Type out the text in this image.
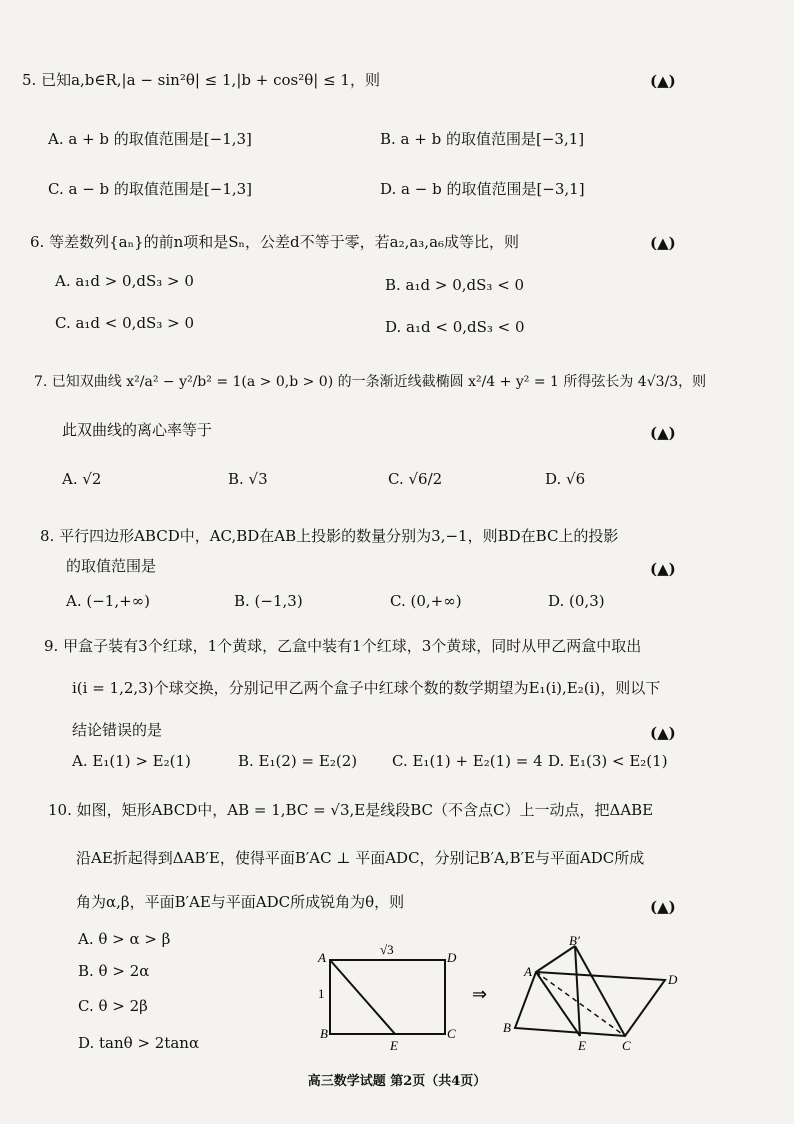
5. 已知a,b∈R,|a − sin²θ| ≤ 1,|b + cos²θ| ≤ 1，则	(▲)
A. a + b 的取值范围是[−1,3]	B. a + b 的取值范围是[−3,1]
C. a − b 的取值范围是[−1,3]	D. a − b 的取值范围是[−3,1]
6. 等差数列{aₙ}的前n项和是Sₙ，公差d不等于零，若a₂,a₃,a₆成等比，则	(▲)
A. a₁d > 0,dS₃ > 0	B. a₁d > 0,dS₃ < 0
C. a₁d < 0,dS₃ > 0	D. a₁d < 0,dS₃ < 0
7. 已知双曲线 x²/a² − y²/b² = 1(a > 0,b > 0) 的一条渐近线截椭圆 x²/4 + y² = 1 所得弦长为 4√3/3，则
此双曲线的离心率等于	(▲)
A. √2	B. √3	C. √6/2	D. √6
8. 平行四边形ABCD中，AC,BD在AB上投影的数量分别为3,−1，则BD在BC上的投影
的取值范围是	(▲)
A. (−1,+∞)	B. (−1,3)	C. (0,+∞)	D. (0,3)
9. 甲盒子装有3个红球，1个黄球，乙盒中装有1个红球，3个黄球，同时从甲乙两盒中取出
i(i = 1,2,3)个球交换，分别记甲乙两个盒子中红球个数的数学期望为E₁(i),E₂(i)，则以下
结论错误的是	(▲)
A. E₁(1) > E₂(1)	B. E₁(2) = E₂(2) C. E₁(1) + E₂(1) = 4 D. E₁(3) < E₂(1)
10. 如图，矩形ABCD中，AB = 1,BC = √3,E是线段BC（不含点C）上一动点，把ΔABE
沿AE折起得到ΔAB′E，使得平面B′AC ⊥ 平面ADC，分别记B′A,B′E与平面ADC所成
角为α,β，平面B′AE与平面ADC所成锐角为θ，则	(▲)
A. θ > α > β
B. θ > 2α
C. θ > 2β
D. tanθ > 2tanα
A	D
B	C
E
1
√3
⇒
A
D
B
C
E
B′
高三数学试题 第2页（共4页）
